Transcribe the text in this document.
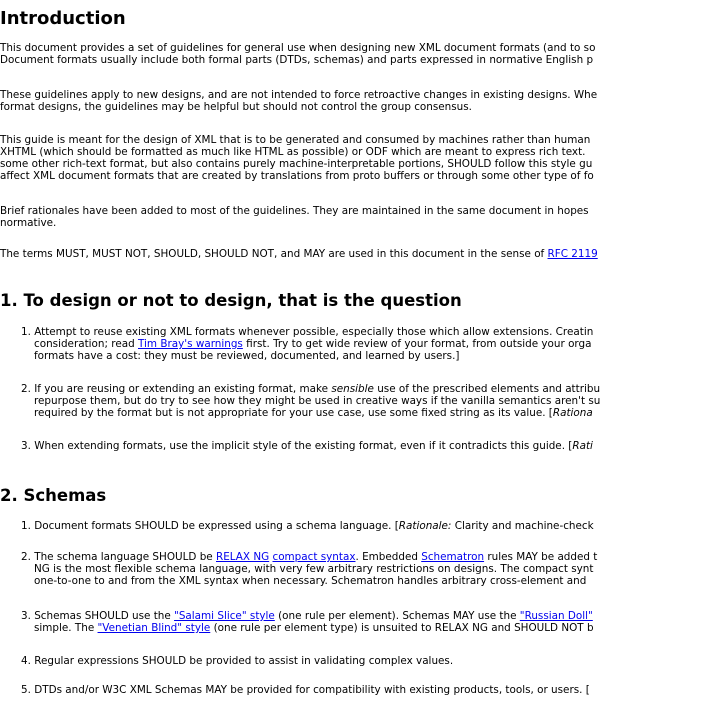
Introduction
This document provides a set of guidelines for general use when designing new XML document formats (and to so
Document formats usually include both formal parts (DTDs, schemas) and parts expressed in normative English p
These guidelines apply to new designs, and are not intended to force retroactive changes in existing designs. Whe
format designs, the guidelines may be helpful but should not control the group consensus.
This guide is meant for the design of XML that is to be generated and consumed by machines rather than human
XHTML (which should be formatted as much like HTML as possible) or ODF which are meant to express rich text.
some other rich-text format, but also contains purely machine-interpretable portions, SHOULD follow this style gu
affect XML document formats that are created by translations from proto buffers or through some other type of fo
Brief rationales have been added to most of the guidelines. They are maintained in the same document in hopes
normative.
The terms MUST, MUST NOT, SHOULD, SHOULD NOT, and MAY are used in this document in the sense of RFC 2119
1. To design or not to design, that is the question
1. Attempt to reuse existing XML formats whenever possible, especially those which allow extensions. Creatin
consideration; read Tim Bray's warnings first. Try to get wide review of your format, from outside your orga
formats have a cost: they must be reviewed, documented, and learned by users.]
2. If you are reusing or extending an existing format, make sensible use of the prescribed elements and attribu
repurpose them, but do try to see how they might be used in creative ways if the vanilla semantics aren't su
required by the format but is not appropriate for your use case, use some fixed string as its value. [Rationa
3. When extending formats, use the implicit style of the existing format, even if it contradicts this guide. [Rati
2. Schemas
1. Document formats SHOULD be expressed using a schema language. [Rationale: Clarity and machine-check
2. The schema language SHOULD be RELAX NG compact syntax. Embedded Schematron rules MAY be added t
NG is the most flexible schema language, with very few arbitrary restrictions on designs. The compact synt
one-to-one to and from the XML syntax when necessary. Schematron handles arbitrary cross-element and
3. Schemas SHOULD use the "Salami Slice" style (one rule per element). Schemas MAY use the "Russian Doll"
simple. The "Venetian Blind" style (one rule per element type) is unsuited to RELAX NG and SHOULD NOT b
4. Regular expressions SHOULD be provided to assist in validating complex values.
5. DTDs and/or W3C XML Schemas MAY be provided for compatibility with existing products, tools, or users. [
